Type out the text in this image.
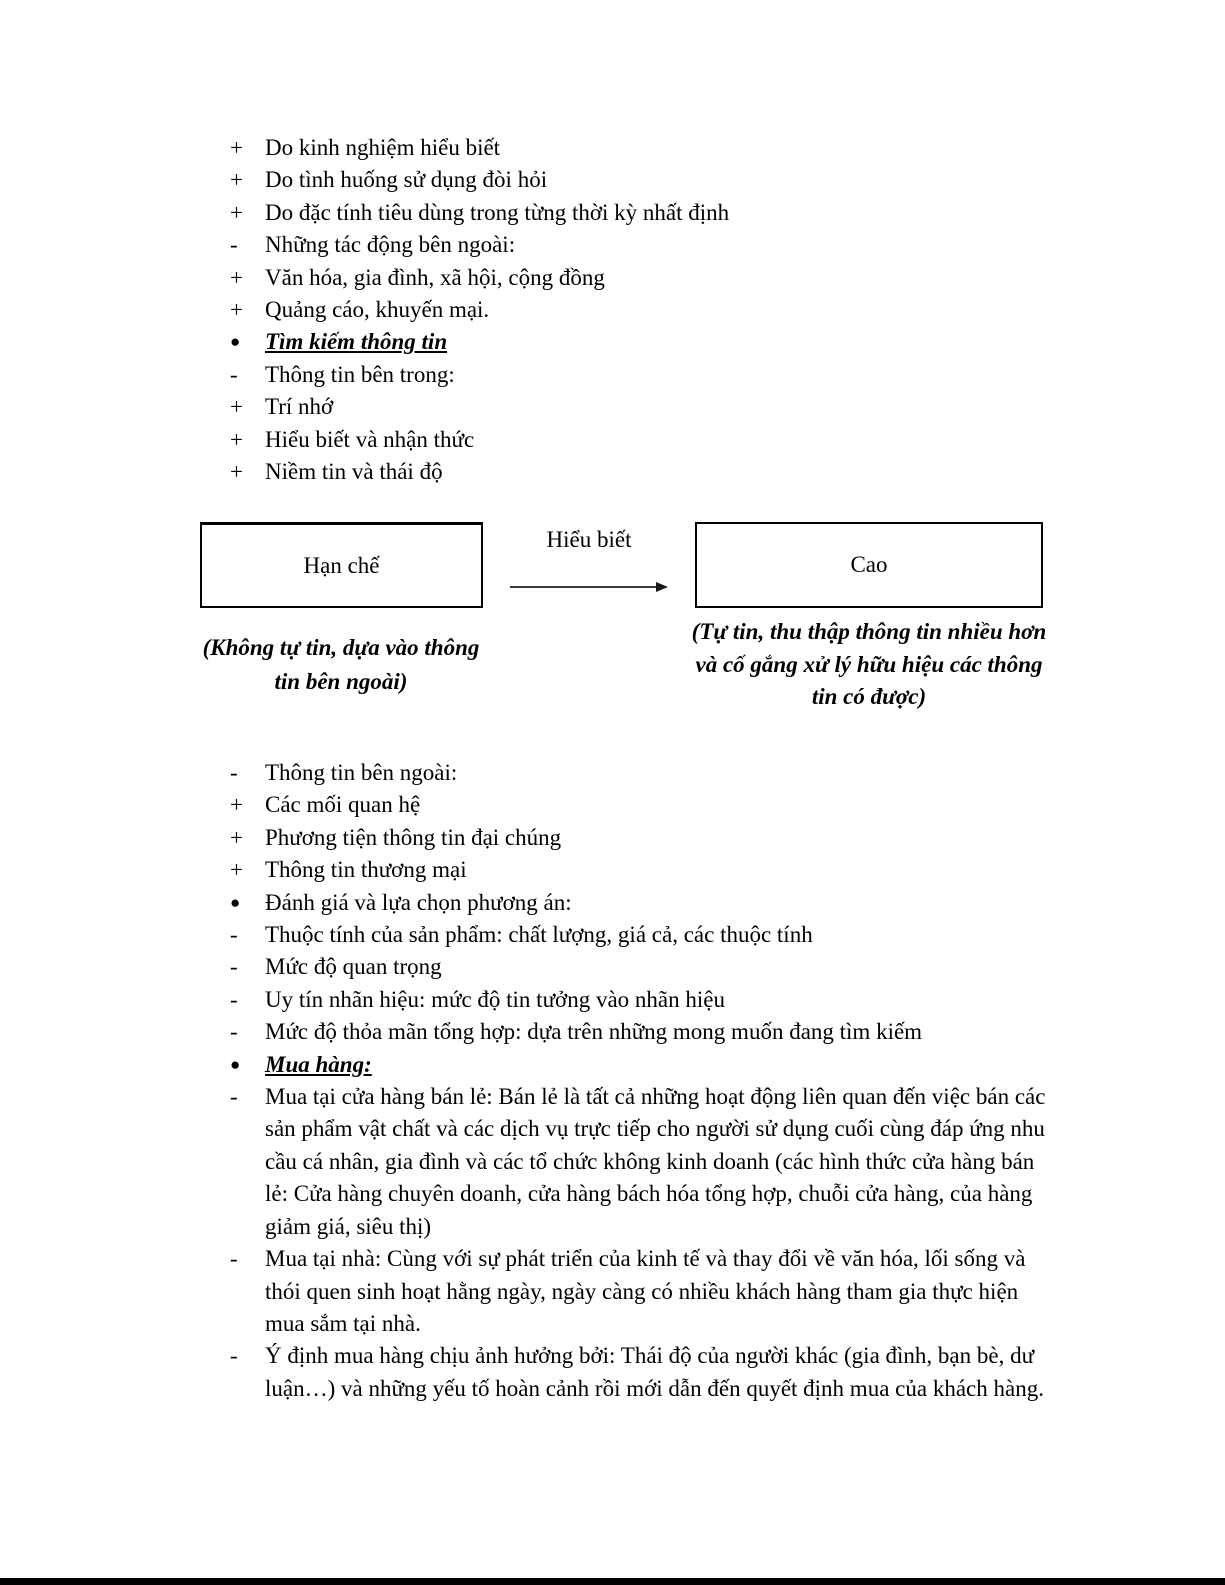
+ Do kinh nghiệm hiểu biết
+ Do tình huống sử dụng đòi hỏi
+ Do đặc tính tiêu dùng trong từng thời kỳ nhất định
-	Những tác động bên ngoài:
+ Văn hóa, gia đình, xã hội, cộng đồng
+ Quảng cáo, khuyến mại.
●	Tìm kiếm thông tin
-	Thông tin bên trong:
+ Trí nhớ
+ Hiểu biết và nhận thức
+ Niềm tin và thái độ
Hạn chế
Hiểu biết
Cao
(Không tự tin, dựa vào thông tin bên ngoài)
(Tự tin, thu thập thông tin nhiều hơn và cố gắng xử lý hữu hiệu các thông tin có được)
-	Thông tin bên ngoài:
+ Các mối quan hệ
+ Phương tiện thông tin đại chúng
+ Thông tin thương mại
●	Đánh giá và lựa chọn phương án:
-	Thuộc tính của sản phẩm: chất lượng, giá cả, các thuộc tính
-	Mức độ quan trọng
-	Uy tín nhãn hiệu: mức độ tin tưởng vào nhãn hiệu
-	Mức độ thỏa mãn tổng hợp: dựa trên những mong muốn đang tìm kiếm
●	Mua hàng:
-	Mua tại cửa hàng bán lẻ: Bán lẻ là tất cả những hoạt động liên quan đến việc bán các sản phẩm vật chất và các dịch vụ trực tiếp cho người sử dụng cuối cùng đáp ứng nhu cầu cá nhân, gia đình và các tổ chức không kinh doanh (các hình thức cửa hàng bán lẻ: Cửa hàng chuyên doanh, cửa hàng bách hóa tổng hợp, chuỗi cửa hàng, của hàng giảm giá, siêu thị)
-	Mua tại nhà: Cùng với sự phát triển của kinh tế và thay đổi về văn hóa, lối sống và thói quen sinh hoạt hằng ngày, ngày càng có nhiều khách hàng tham gia thực hiện mua sắm tại nhà.
-	Ý định mua hàng chịu ảnh hưởng bởi: Thái độ của người khác (gia đình, bạn bè, dư luận…) và những yếu tố hoàn cảnh rồi mới dẫn đến quyết định mua của khách hàng.
